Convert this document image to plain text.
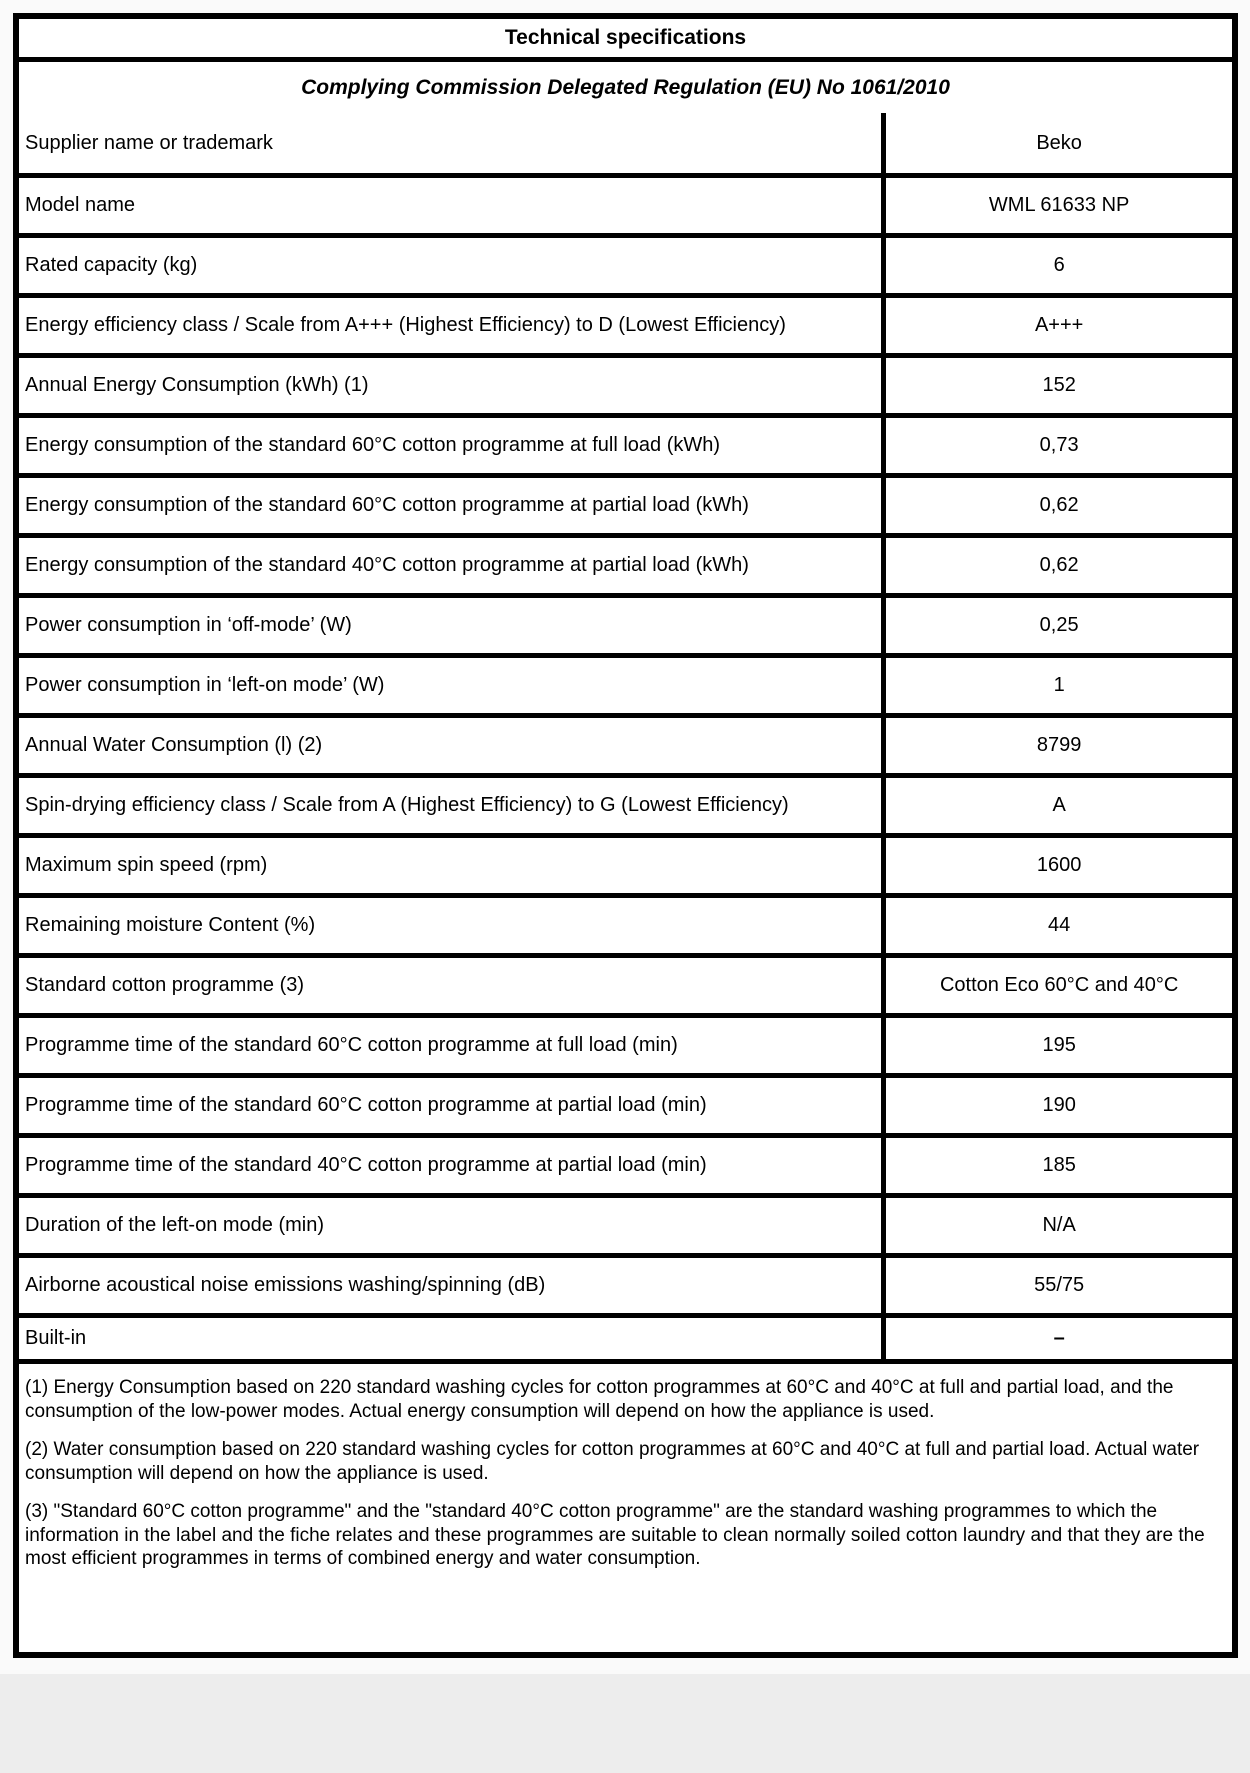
Technical specifications
Complying Commission Delegated Regulation (EU) No 1061/2010
Supplier name or trademark	Beko
Model name	WML 61633 NP
Rated capacity (kg)	6
Energy efficiency class / Scale from A+++ (Highest Efficiency) to D (Lowest Efficiency)	A+++
Annual Energy Consumption (kWh) (1)	152
Energy consumption of the standard 60°C cotton programme at full load (kWh)	0,73
Energy consumption of the standard 60°C cotton programme at partial load (kWh)	0,62
Energy consumption of the standard 40°C cotton programme at partial load (kWh)	0,62
Power consumption in ‘off-mode’ (W)	0,25
Power consumption in ‘left-on mode’ (W)	1
Annual Water Consumption (l) (2)	8799
Spin-drying efficiency class / Scale from A (Highest Efficiency) to G (Lowest Efficiency)	A
Maximum spin speed (rpm)	1600
Remaining moisture Content (%)	44
Standard cotton programme (3)	Cotton Eco 60°C and 40°C
Programme time of the standard 60°C cotton programme at full load (min)	195
Programme time of the standard 60°C cotton programme at partial load (min)	190
Programme time of the standard 40°C cotton programme at partial load (min)	185
Duration of the left-on mode (min)	N/A
Airborne acoustical noise emissions washing/spinning (dB)	55/75
Built-in	–

(1) Energy Consumption based on 220 standard washing cycles for cotton programmes at 60°C and 40°C at full and partial load, and the consumption of the low-power modes. Actual energy consumption will depend on how the appliance is used.

(2) Water consumption based on 220 standard washing cycles for cotton programmes at 60°C and 40°C at full and partial load. Actual water consumption will depend on how the appliance is used.

(3) "Standard 60°C cotton programme" and the "standard 40°C cotton programme" are the standard washing programmes to which the information in the label and the fiche relates and these programmes are suitable to clean normally soiled cotton laundry and that they are the most efficient programmes in terms of combined energy and water consumption.
